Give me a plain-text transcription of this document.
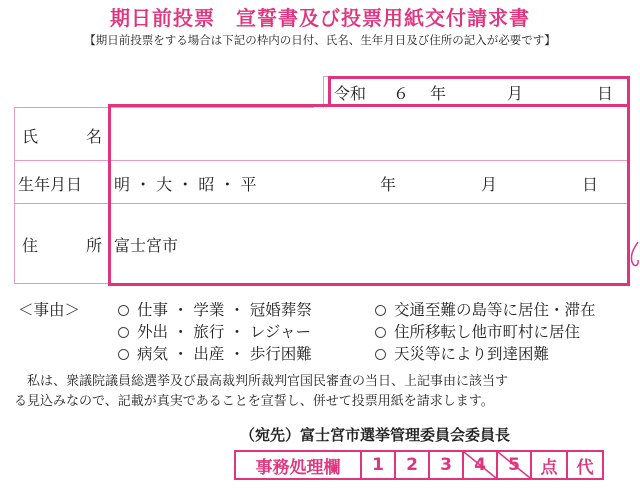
期日前投票　宣誓書及び投票用紙交付請求書
【期日前投票をする場合は下記の枠内の日付、氏名、生年月日及び住所の記入が必要です】
令和 ６ 年	月	日
氏	名
生年月日 明 ・ 大 ・ 昭 ・ 平	年	月	日
住	所 富士宮市
＜事由＞	仕事 ・ 学業 ・ 冠婚葬祭
外出 ・ 旅行 ・ レジャー
病気 ・ 出産 ・ 歩行困難
交通至難の島等に居住・滞在
住所移転し他市町村に居住
天災等により到達困難
　私は、衆議院議員総選挙及び最高裁判所裁判官国民審査の当日、上記事由に該当す
る見込みなので、記載が真実であることを宣誓し、併せて投票用紙を請求します。
（宛先）富士宮市選挙管理委員会委員長
事務処理欄	1	2	3	4	5	点	代
